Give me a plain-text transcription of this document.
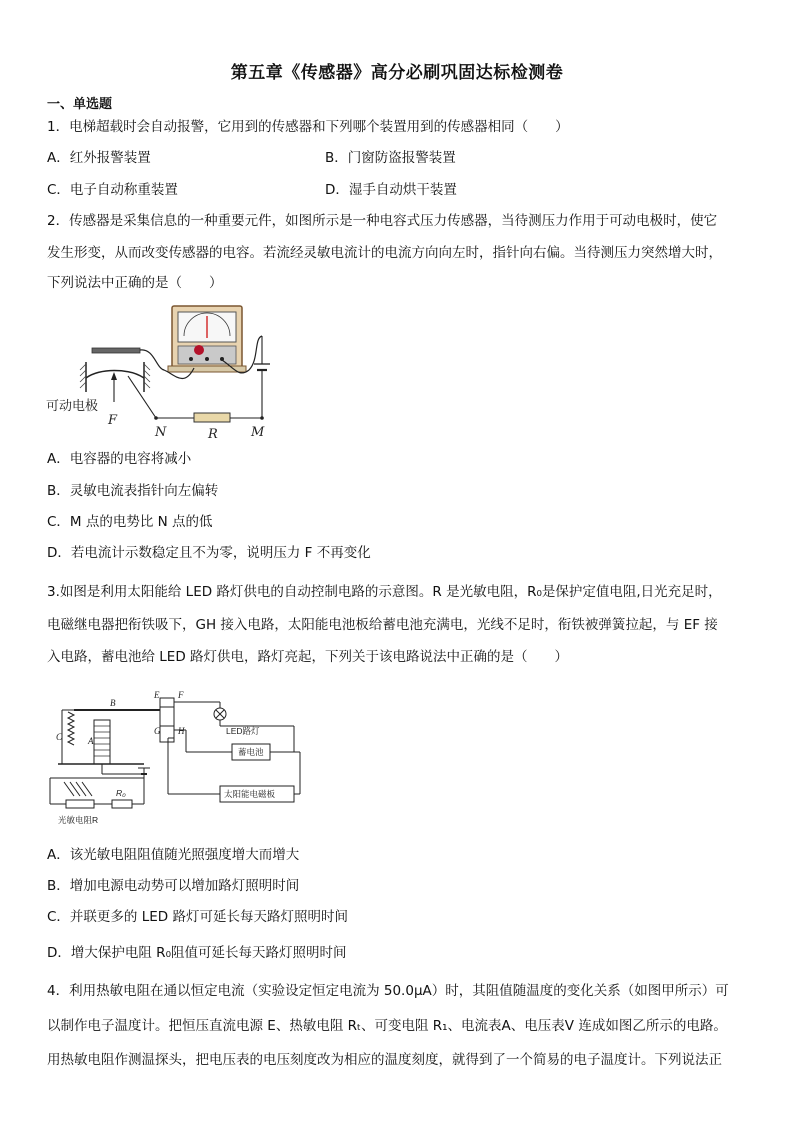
第五章《传感器》高分必刷巩固达标检测卷
一、单选题
1．电梯超载时会自动报警，它用到的传感器和下列哪个装置用到的传感器相同（　　）
A．红外报警装置	B．门窗防盗报警装置
C．电子自动称重装置	D．湿手自动烘干装置
2．传感器是采集信息的一种重要元件，如图所示是一种电容式压力传感器，当待测压力作用于可动电极时，使它
发生形变，从而改变传感器的电容。若流经灵敏电流计的电流方向向左时，指针向右偏。当待测压力突然增大时，
下列说法中正确的是（　　）
可动电极
F
N	R	M
A．电容器的电容将减小
B．灵敏电流表指针向左偏转
C．M 点的电势比 N 点的低
D．若电流计示数稳定且不为零，说明压力 F 不再变化
3.如图是利用太阳能给 LED 路灯供电的自动控制电路的示意图。R 是光敏电阻，R₀是保护定值电阻,日光充足时，
电磁继电器把衔铁吸下，GH 接入电路，太阳能电池板给蓄电池充满电，光线不足时，衔铁被弹簧拉起，与 EF 接
入电路，蓄电池给 LED 路灯供电，路灯亮起，下列关于该电路说法中正确的是（　　）
E F
G H
A
B
C
LED路灯
蓄电池
太阳能电磁板
R₀
光敏电阻R
A．该光敏电阻阻值随光照强度增大而增大
B．增加电源电动势可以增加路灯照明时间
C．并联更多的 LED 路灯可延长每天路灯照明时间
D．增大保护电阻 R₀阻值可延长每天路灯照明时间
4．利用热敏电阻在通以恒定电流（实验设定恒定电流为 50.0μA）时，其阻值随温度的变化关系（如图甲所示）可
以制作电子温度计。把恒压直流电源 E、热敏电阻 Rₜ、可变电阻 R₁、电流表A、电压表V 连成如图乙所示的电路。
用热敏电阻作测温探头，把电压表的电压刻度改为相应的温度刻度，就得到了一个简易的电子温度计。下列说法正
